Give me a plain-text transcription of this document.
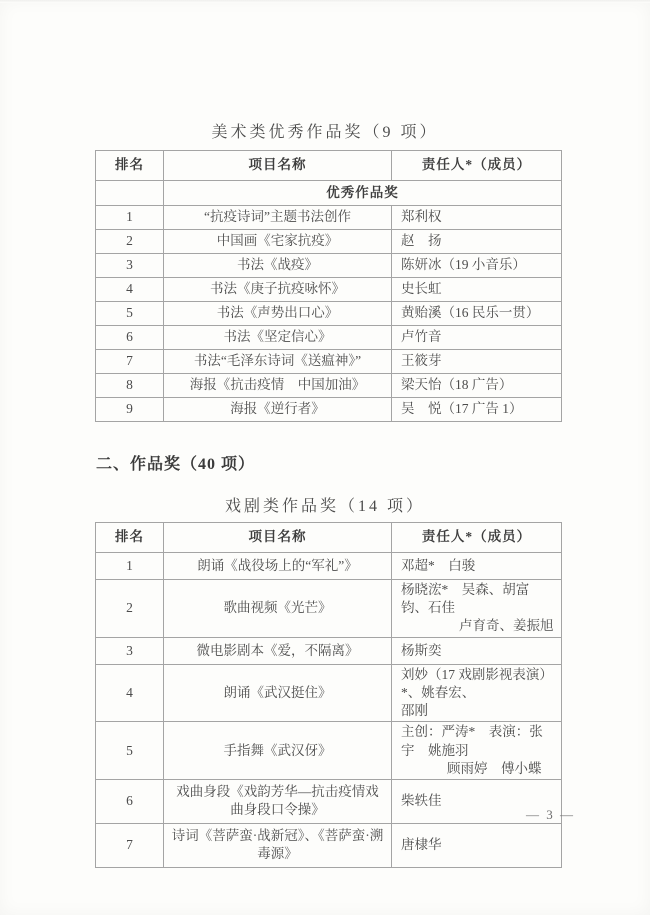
美术类优秀作品奖（9 项）
排名	项目名称	责任人*（成员）
	优秀作品奖	
1	“抗疫诗词”主题书法创作	郑利权
2	中国画《宅家抗疫》	赵　扬
3	书法《战疫》	陈妍冰（19 小音乐）
4	书法《庚子抗疫咏怀》	史长虹
5	书法《声势出口心》	黄贻溪（16 民乐一贯）
6	书法《坚定信心》	卢竹音
7	书法“毛泽东诗词《送瘟神》”	王筱芽
8	海报《抗击疫情　中国加油》	梁天怡（18 广告）
9	海报《逆行者》	吴　悦（17 广告 1）
二、作品奖（40 项）
戏剧类作品奖（14 项）
排名	项目名称	责任人*（成员）
1	朗诵《战役场上的“军礼”》	邓超*　白骏
2	歌曲视频《光芒》	杨晓浤*　吴森、胡富钧、石佳
卢育奇、姜振旭

3	微电影剧本《爱，不隔离》	杨斯奕
4	朗诵《武汉挺住》	刘妙（17 戏剧影视表演）*、姚春宏、
邵刚

5	手指舞《武汉伢》	主创：严涛*　表演：张宇　姚施羽
顾雨婷　傅小蝶

6	戏曲身段《戏韵芳华—抗击疫情戏曲身段口令操》	柴轶佳
7	诗词《菩萨蛮·战新冠》、《菩萨蛮·溯毒源》	唐棣华
— 3 —
